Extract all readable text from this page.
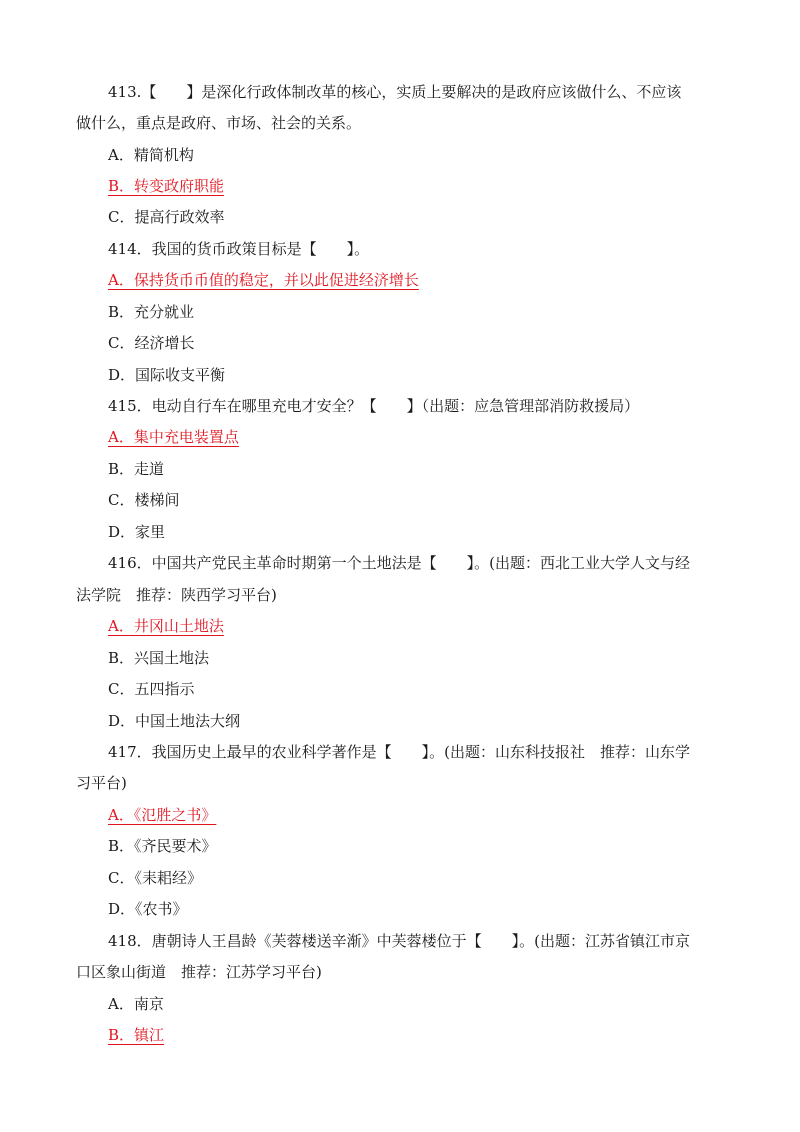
413.【　　】是深化行政体制改革的核心，实质上要解决的是政府应该做什么、不应该
做什么，重点是政府、市场、社会的关系。
A．精简机构
B．转变政府职能
C．提高行政效率
414．我国的货币政策目标是【　　】。
A．保持货币币值的稳定，并以此促进经济增长
B．充分就业
C．经济增长
D．国际收支平衡
415．电动自行车在哪里充电才安全？【　　】（出题：应急管理部消防救援局）
A．集中充电装置点
B．走道
C．楼梯间
D．家里
416．中国共产党民主革命时期第一个土地法是【　　】。(出题：西北工业大学人文与经
法学院　推荐：陕西学习平台)
A．井冈山土地法
B．兴国土地法
C．五四指示
D．中国土地法大纲
417．我国历史上最早的农业科学著作是【　　】。(出题：山东科技报社　推荐：山东学
习平台)
A．《氾胜之书》
B．《齐民要术》
C．《耒耜经》
D．《农书》
418．唐朝诗人王昌龄《芙蓉楼送辛渐》中芙蓉楼位于【　　】。(出题：江苏省镇江市京
口区象山街道　推荐：江苏学习平台)
A．南京
B．镇江
